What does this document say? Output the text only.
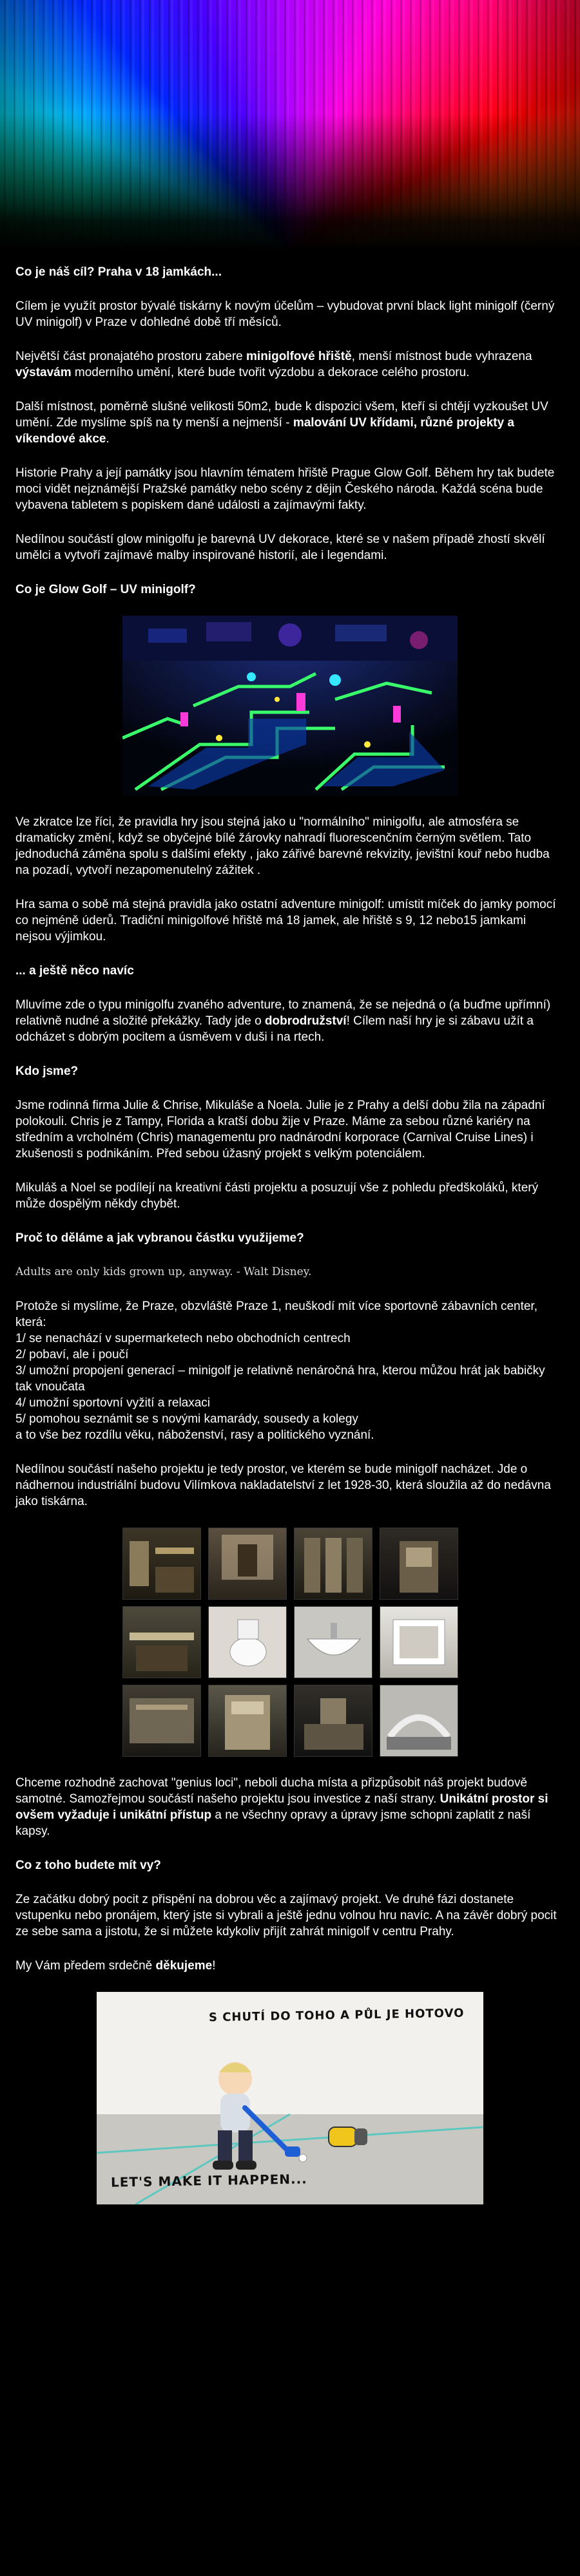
Co je náš cíl? Praha v 18 jamkách...

Cílem je využít prostor bývalé tiskárny k novým účelům – vybudovat první black light minigolf (černý UV minigolf) v Praze v dohledné době tří měsíců.

Největší část pronajatého prostoru zabere minigolfové hřiště, menší místnost bude vyhrazena výstavám moderního umění, které bude tvořit výzdobu a dekorace celého prostoru.

Další místnost, poměrně slušné velikosti 50m2, bude k dispozici všem, kteří si chtějí vyzkoušet UV umění. Zde myslíme spíš na ty menší a nejmenší - malování UV křídami, různé projekty a víkendové akce.

Historie Prahy a její památky jsou hlavním tématem hřiště Prague Glow Golf. Během hry tak budete moci vidět nejznámější Pražské památky nebo scény z dějin Českého národa. Každá scéna bude vybavena tabletem s popiskem dané události a zajímavými fakty.

Nedílnou součástí glow minigolfu je barevná UV dekorace, které se v našem případě zhostí skvělí umělci a vytvoří zajímavé malby inspirované historií, ale i legendami.

Co je Glow Golf – UV minigolf?

Ve zkratce lze říci, že pravidla hry jsou stejná jako u "normálního" minigolfu, ale atmosféra se dramaticky změní, když se obyčejné bílé žárovky nahradí fluorescenčním černým světlem. Tato jednoduchá záměna spolu s dalšími efekty , jako zářivé barevné rekvizity, jevištní kouř nebo hudba na pozadí, vytvoří nezapomenutelný zážitek .

Hra sama o sobě má stejná pravidla jako ostatní adventure minigolf: umístit míček do jamky pomocí co nejméně úderů. Tradiční minigolfové hřiště má 18 jamek, ale hřiště s 9, 12 nebo15 jamkami nejsou výjimkou.

... a ještě něco navíc

Mluvíme zde o typu minigolfu zvaného adventure, to znamená, že se nejedná o (a buďme upřímní) relativně nudné a složité překážky. Tady jde o dobrodružství! Cílem naší hry je si zábavu užít a odcházet s dobrým pocitem a úsměvem v duši i na rtech.

Kdo jsme?

Jsme rodinná firma Julie & Chrise, Mikuláše a Noela. Julie je z Prahy a delší dobu žila na západní polokouli. Chris je z Tampy, Florida a kratší dobu žije v Praze. Máme za sebou různé kariéry na středním a vrcholném (Chris) managementu pro nadnárodní korporace (Carnival Cruise Lines) i zkušenosti s podnikáním. Před sebou úžasný projekt s velkým potenciálem.

Mikuláš a Noel se podílejí na kreativní části projektu a posuzují vše z pohledu předškoláků, který může dospělým někdy chybět.

Proč to děláme a jak vybranou částku využijeme?

Adults are only kids grown up, anyway. - Walt Disney.

Protože si myslíme, že Praze, obzvláště Praze 1, neuškodí mít více sportovně zábavních center, která:

1/ se nenachází v supermarketech nebo obchodních centrech
2/ pobaví, ale i poučí
3/ umožní propojení generací – minigolf je relativně nenáročná hra, kterou můžou hrát jak babičky tak vnoučata
4/ umožní sportovní vyžití a relaxaci
5/ pomohou seznámit se s novými kamarády, sousedy a kolegy
a to vše bez rozdílu věku, náboženství, rasy a politického vyznání.

Nedílnou součástí našeho projektu je tedy prostor, ve kterém se bude minigolf nacházet. Jde o nádhernou industriální budovu Vilímkova nakladatelství z let 1928-30, která sloužila až do nedávna jako tiskárna.

Chceme rozhodně zachovat "genius loci", neboli ducha místa a přizpůsobit náš projekt budově samotné. Samozřejmou součástí našeho projektu jsou investice z naší strany. Unikátní prostor si ovšem vyžaduje i unikátní přístup a ne všechny opravy a úpravy jsme schopni zaplatit z naší kapsy.

Co z toho budete mít vy?

Ze začátku dobrý pocit z přispění na dobrou věc a zajímavý projekt. Ve druhé fázi dostanete vstupenku nebo pronájem, který jste si vybrali a ještě jednu volnou hru navíc. A na závěr dobrý pocit ze sebe sama a jistotu, že si můžete kdykoliv přijít zahrát minigolf v centru Prahy.

My Vám předem srdečně děkujeme!

S CHUTÍ DO TOHO A PŮL JE HOTOVO
LET'S MAKE IT HAPPEN...
